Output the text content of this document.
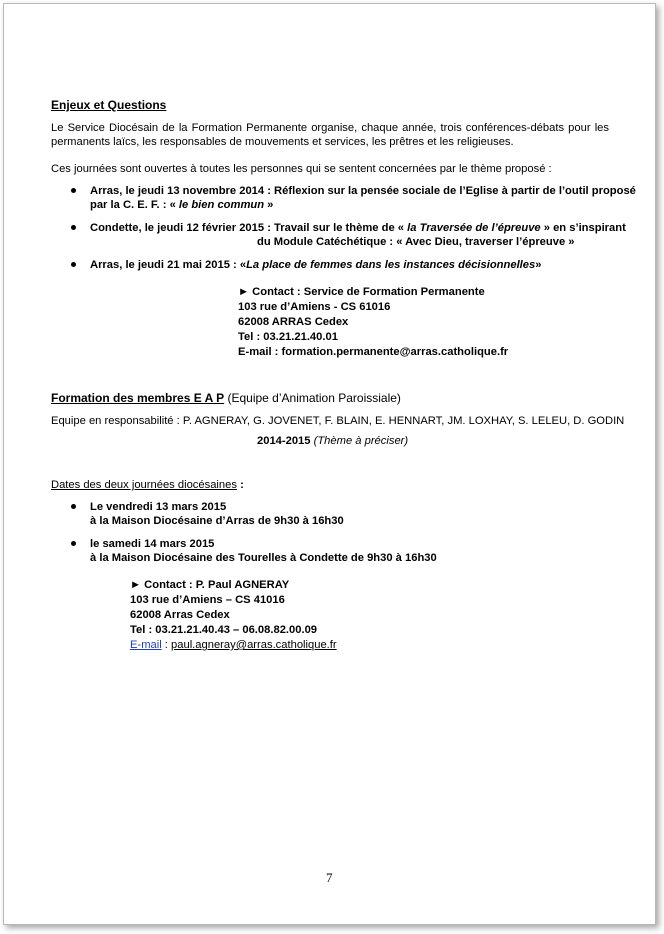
Enjeux et Questions
Le Service Diocésain de la Formation Permanente organise, chaque année, trois conférences-débats pour les
permanents laïcs, les responsables de mouvements et services, les prêtres et les religieuses.
Ces journées sont ouvertes à toutes les personnes qui se sentent concernées par le thème proposé :
Arras, le jeudi 13 novembre 2014 : Réflexion sur la pensée sociale de l’Eglise à partir de l’outil proposé
par la C. E. F. : « le bien commun »
Condette, le jeudi 12 février 2015 : Travail sur le thème de « la Traversée de l’épreuve » en s’inspirant
du Module Catéchétique : « Avec Dieu, traverser l’épreuve »
Arras, le jeudi 21 mai 2015 : «La place de femmes dans les instances décisionnelles»
► Contact : Service de Formation Permanente
103 rue d’Amiens - CS 61016
62008 ARRAS Cedex
Tel : 03.21.21.40.01
E-mail : formation.permanente@arras.catholique.fr
Formation des membres E A P (Equipe d’Animation Paroissiale)
Equipe en responsabilité : P. AGNERAY, G. JOVENET, F. BLAIN, E. HENNART, JM. LOXHAY, S. LELEU, D. GODIN
2014-2015 (Thème à préciser)
Dates des deux journées diocésaines :
Le vendredi 13 mars 2015
à la Maison Diocésaine d’Arras de 9h30 à 16h30
le samedi 14 mars 2015
à la Maison Diocésaine des Tourelles à Condette de 9h30 à 16h30
► Contact : P. Paul AGNERAY
103 rue d’Amiens – CS 41016
62008 Arras Cedex
Tel : 03.21.21.40.43 – 06.08.82.00.09
E-mail : paul.agneray@arras.catholique.fr
7
